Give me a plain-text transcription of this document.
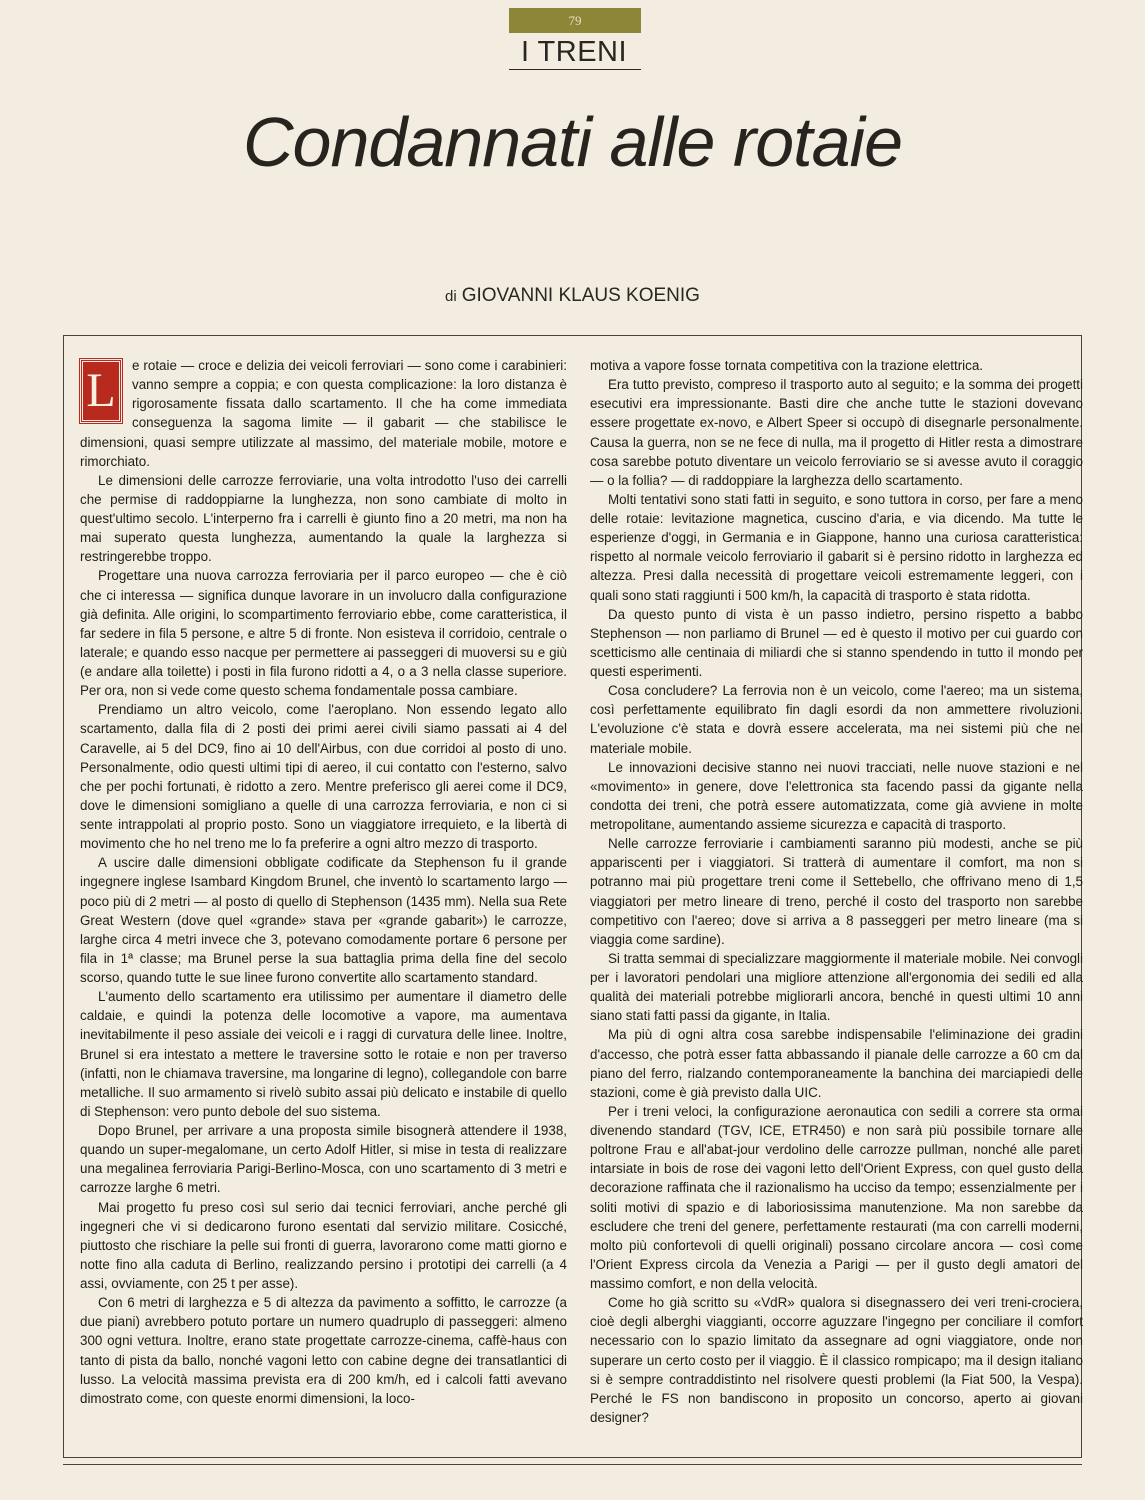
79
I TRENI
Condannati alle rotaie
di GIOVANNI KLAUS KOENIG

L	e rotaie — croce e delizia dei veicoli ferroviari — sono come i carabinieri: vanno sempre a coppia; e con questa complicazione: la loro distanza è rigorosamente fissata dallo scartamento. Il che ha come immediata conseguenza la sagoma limite — il gabarit — che stabilisce le dimensioni, quasi sempre utilizzate al massimo, del materiale mobile, motore e rimorchiato.

Le dimensioni delle carrozze ferroviarie, una volta introdotto l'uso dei carrelli che permise di raddoppiarne la lunghezza, non sono cambiate di molto in quest'ultimo secolo. L'interperno fra i carrelli è giunto fino a 20 metri, ma non ha mai superato questa lunghezza, aumentando la quale la larghezza si restringerebbe troppo.

Progettare una nuova carrozza ferroviaria per il parco europeo — che è ciò che ci interessa — significa dunque lavorare in un involucro dalla configurazione già definita. Alle origini, lo scompartimento ferroviario ebbe, come caratteristica, il far sedere in fila 5 persone, e altre 5 di fronte. Non esisteva il corridoio, centrale o laterale; e quando esso nacque per permettere ai passeggeri di muoversi su e giù (e andare alla toilette) i posti in fila furono ridotti a 4, o a 3 nella classe superiore. Per ora, non si vede come questo schema fondamentale possa cambiare.

Prendiamo un altro veicolo, come l'aeroplano. Non essendo legato allo scartamento, dalla fila di 2 posti dei primi aerei civili siamo passati ai 4 del Caravelle, ai 5 del DC9, fino ai 10 dell'Airbus, con due corridoi al posto di uno. Personalmente, odio questi ultimi tipi di aereo, il cui contatto con l'esterno, salvo che per pochi fortunati, è ridotto a zero. Mentre preferisco gli aerei come il DC9, dove le dimensioni somigliano a quelle di una carrozza ferroviaria, e non ci si sente intrappolati al proprio posto. Sono un viaggiatore irrequieto, e la libertà di movimento che ho nel treno me lo fa preferire a ogni altro mezzo di trasporto.

A uscire dalle dimensioni obbligate codificate da Stephenson fu il grande ingegnere inglese Isambard Kingdom Brunel, che inventò lo scartamento largo — poco più di 2 metri — al posto di quello di Stephenson (1435 mm). Nella sua Rete Great Western (dove quel «grande» stava per «grande gabarit») le carrozze, larghe circa 4 metri invece che 3, potevano comodamente portare 6 persone per fila in 1ª classe; ma Brunel perse la sua battaglia prima della fine del secolo scorso, quando tutte le sue linee furono convertite allo scartamento standard.

L'aumento dello scartamento era utilissimo per aumentare il diametro delle caldaie, e quindi la potenza delle locomotive a vapore, ma aumentava inevitabilmente il peso assiale dei veicoli e i raggi di curvatura delle linee. Inoltre, Brunel si era intestato a mettere le traversine sotto le rotaie e non per traverso (infatti, non le chiamava traversine, ma longarine di legno), collegandole con barre metalliche. Il suo armamento si rivelò subito assai più delicato e instabile di quello di Stephenson: vero punto debole del suo sistema.

Dopo Brunel, per arrivare a una proposta simile bisognerà attendere il 1938, quando un super-megalomane, un certo Adolf Hitler, si mise in testa di realizzare una megalinea ferroviaria Parigi-Berlino-Mosca, con uno scartamento di 3 metri e carrozze larghe 6 metri.

Mai progetto fu preso così sul serio dai tecnici ferroviari, anche perché gli ingegneri che vi si dedicarono furono esentati dal servizio militare. Cosicché, piuttosto che rischiare la pelle sui fronti di guerra, lavorarono come matti giorno e notte fino alla caduta di Berlino, realizzando persino i prototipi dei carrelli (a 4 assi, ovviamente, con 25 t per asse).

Con 6 metri di larghezza e 5 di altezza da pavimento a soffitto, le carrozze (a due piani) avrebbero potuto portare un numero quadruplo di passeggeri: almeno 300 ogni vettura. Inoltre, erano state progettate carrozze-cinema, caffè-haus con tanto di pista da ballo, nonché vagoni letto con cabine degne dei transatlantici di lusso. La velocità massima prevista era di 200 km/h, ed i calcoli fatti avevano dimostrato come, con queste enormi dimensioni, la loco-

motiva a vapore fosse tornata competitiva con la trazione elettrica.

Era tutto previsto, compreso il trasporto auto al seguito; e la somma dei progetti esecutivi era impressionante. Basti dire che anche tutte le stazioni dovevano essere progettate ex-novo, e Albert Speer si occupò di disegnarle personalmente. Causa la guerra, non se ne fece di nulla, ma il progetto di Hitler resta a dimostrare cosa sarebbe potuto diventare un veicolo ferroviario se si avesse avuto il coraggio — o la follia? — di raddoppiare la larghezza dello scartamento.

Molti tentativi sono stati fatti in seguito, e sono tuttora in corso, per fare a meno delle rotaie: levitazione magnetica, cuscino d'aria, e via dicendo. Ma tutte le esperienze d'oggi, in Germania e in Giappone, hanno una curiosa caratteristica: rispetto al normale veicolo ferroviario il gabarit si è persino ridotto in larghezza ed altezza. Presi dalla necessità di progettare veicoli estremamente leggeri, con i quali sono stati raggiunti i 500 km/h, la capacità di trasporto è stata ridotta.

Da questo punto di vista è un passo indietro, persino rispetto a babbo Stephenson — non parliamo di Brunel — ed è questo il motivo per cui guardo con scetticismo alle centinaia di miliardi che si stanno spendendo in tutto il mondo per questi esperimenti.

Cosa concludere? La ferrovia non è un veicolo, come l'aereo; ma un sistema, così perfettamente equilibrato fin dagli esordi da non ammettere rivoluzioni. L'evoluzione c'è stata e dovrà essere accelerata, ma nei sistemi più che nel materiale mobile.

Le innovazioni decisive stanno nei nuovi tracciati, nelle nuove stazioni e nel «movimento» in genere, dove l'elettronica sta facendo passi da gigante nella condotta dei treni, che potrà essere automatizzata, come già avviene in molte metropolitane, aumentando assieme sicurezza e capacità di trasporto.

Nelle carrozze ferroviarie i cambiamenti saranno più modesti, anche se più appariscenti per i viaggiatori. Si tratterà di aumentare il comfort, ma non si potranno mai più progettare treni come il Settebello, che offrivano meno di 1,5 viaggiatori per metro lineare di treno, perché il costo del trasporto non sarebbe competitivo con l'aereo; dove si arriva a 8 passeggeri per metro lineare (ma si viaggia come sardine).

Si tratta semmai di specializzare maggiormente il materiale mobile. Nei convogli per i lavoratori pendolari una migliore attenzione all'ergonomia dei sedili ed alla qualità dei materiali potrebbe migliorarli ancora, benché in questi ultimi 10 anni siano stati fatti passi da gigante, in Italia.

Ma più di ogni altra cosa sarebbe indispensabile l'eliminazione dei gradini d'accesso, che potrà esser fatta abbassando il pianale delle carrozze a 60 cm dal piano del ferro, rialzando contemporaneamente la banchina dei marciapiedi delle stazioni, come è già previsto dalla UIC.

Per i treni veloci, la configurazione aeronautica con sedili a correre sta ormai divenendo standard (TGV, ICE, ETR450) e non sarà più possibile tornare alle poltrone Frau e all'abat-jour verdolino delle carrozze pullman, nonché alle pareti intarsiate in bois de rose dei vagoni letto dell'Orient Express, con quel gusto della decorazione raffinata che il razionalismo ha ucciso da tempo; essenzialmente per i soliti motivi di spazio e di laboriosissima manutenzione. Ma non sarebbe da escludere che treni del genere, perfettamente restaurati (ma con carrelli moderni, molto più confortevoli di quelli originali) possano circolare ancora — così come l'Orient Express circola da Venezia a Parigi — per il gusto degli amatori del massimo comfort, e non della velocità.

Come ho già scritto su «VdR» qualora si disegnassero dei veri treni-crociera, cioè degli alberghi viaggianti, occorre aguzzare l'ingegno per conciliare il comfort necessario con lo spazio limitato da assegnare ad ogni viaggiatore, onde non superare un certo costo per il viaggio. È il classico rompicapo; ma il design italiano si è sempre contraddistinto nel risolvere questi problemi (la Fiat 500, la Vespa). Perché le FS non bandiscono in proposito un concorso, aperto ai giovani designer?
